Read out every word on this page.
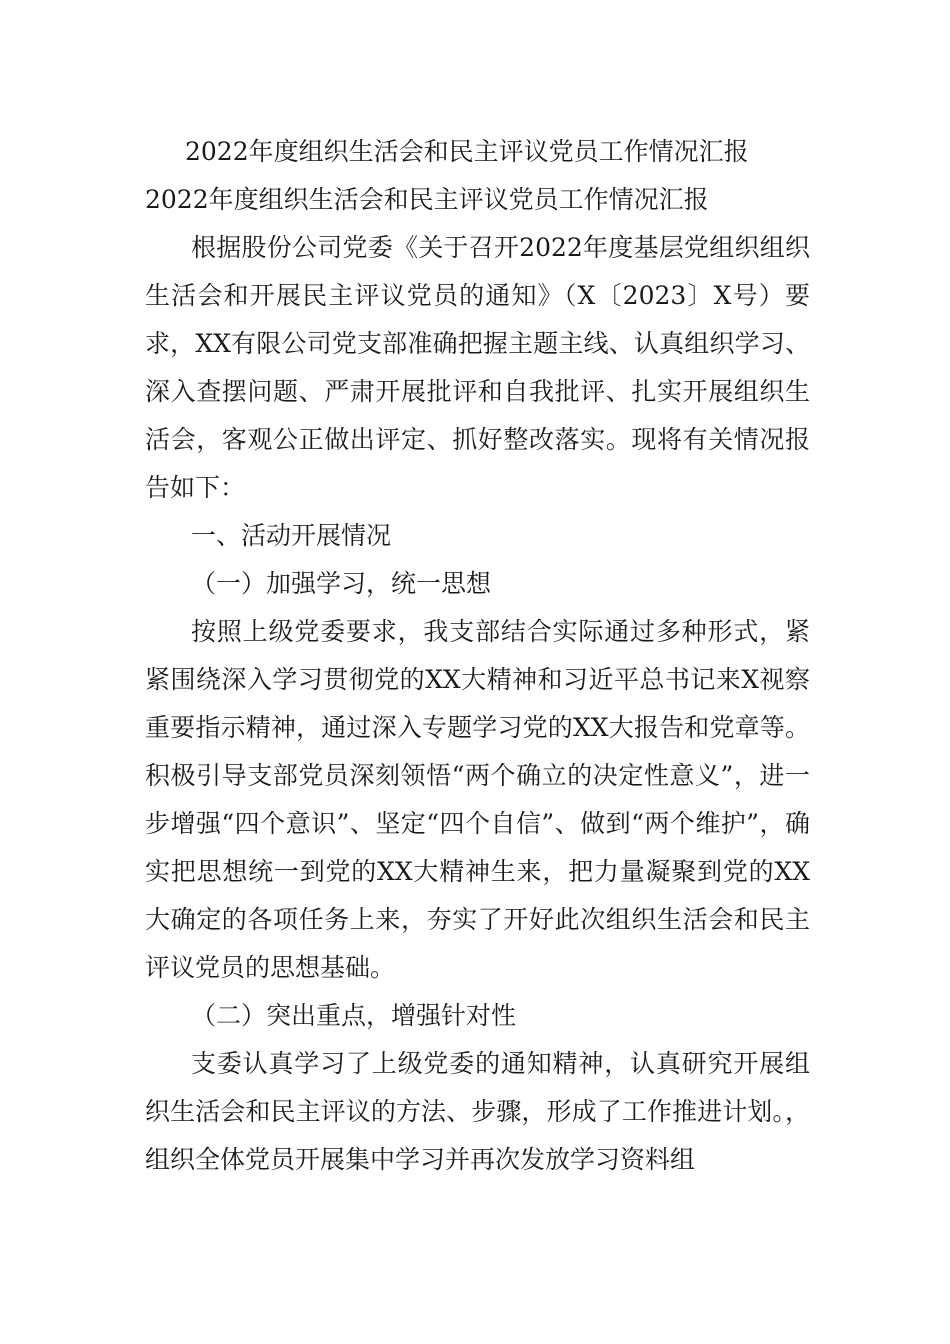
2022年度组织生活会和民主评议党员工作情况汇报

2022年度组织生活会和民主评议党员工作情况汇报

根据股份公司党委《关于召开2022年度基层党组织组织生活会和开展民主评议党员的通知》（X〔2023〕X号）要求，XX有限公司党支部准确把握主题主线、认真组织学习、深入查摆问题、严肃开展批评和自我批评、扎实开展组织生活会，客观公正做出评定、抓好整改落实。现将有关情况报告如下：

一、活动开展情况

（一）加强学习，统一思想

按照上级党委要求，我支部结合实际通过多种形式，紧紧围绕深入学习贯彻党的XX大精神和习近平总书记来X视察重要指示精神，通过深入专题学习党的XX大报告和党章等。积极引导支部党员深刻领悟“两个确立的决定性意义”，进一步增强“四个意识”、坚定“四个自信”、做到“两个维护”，确实把思想统一到党的XX大精神生来，把力量凝聚到党的XX大确定的各项任务上来，夯实了开好此次组织生活会和民主评议党员的思想基础。

（二）突出重点，增强针对性

支委认真学习了上级党委的通知精神，认真研究开展组织生活会和民主评议的方法、步骤，形成了工作推进计划。，组织全体党员开展集中学习并再次发放学习资料组
